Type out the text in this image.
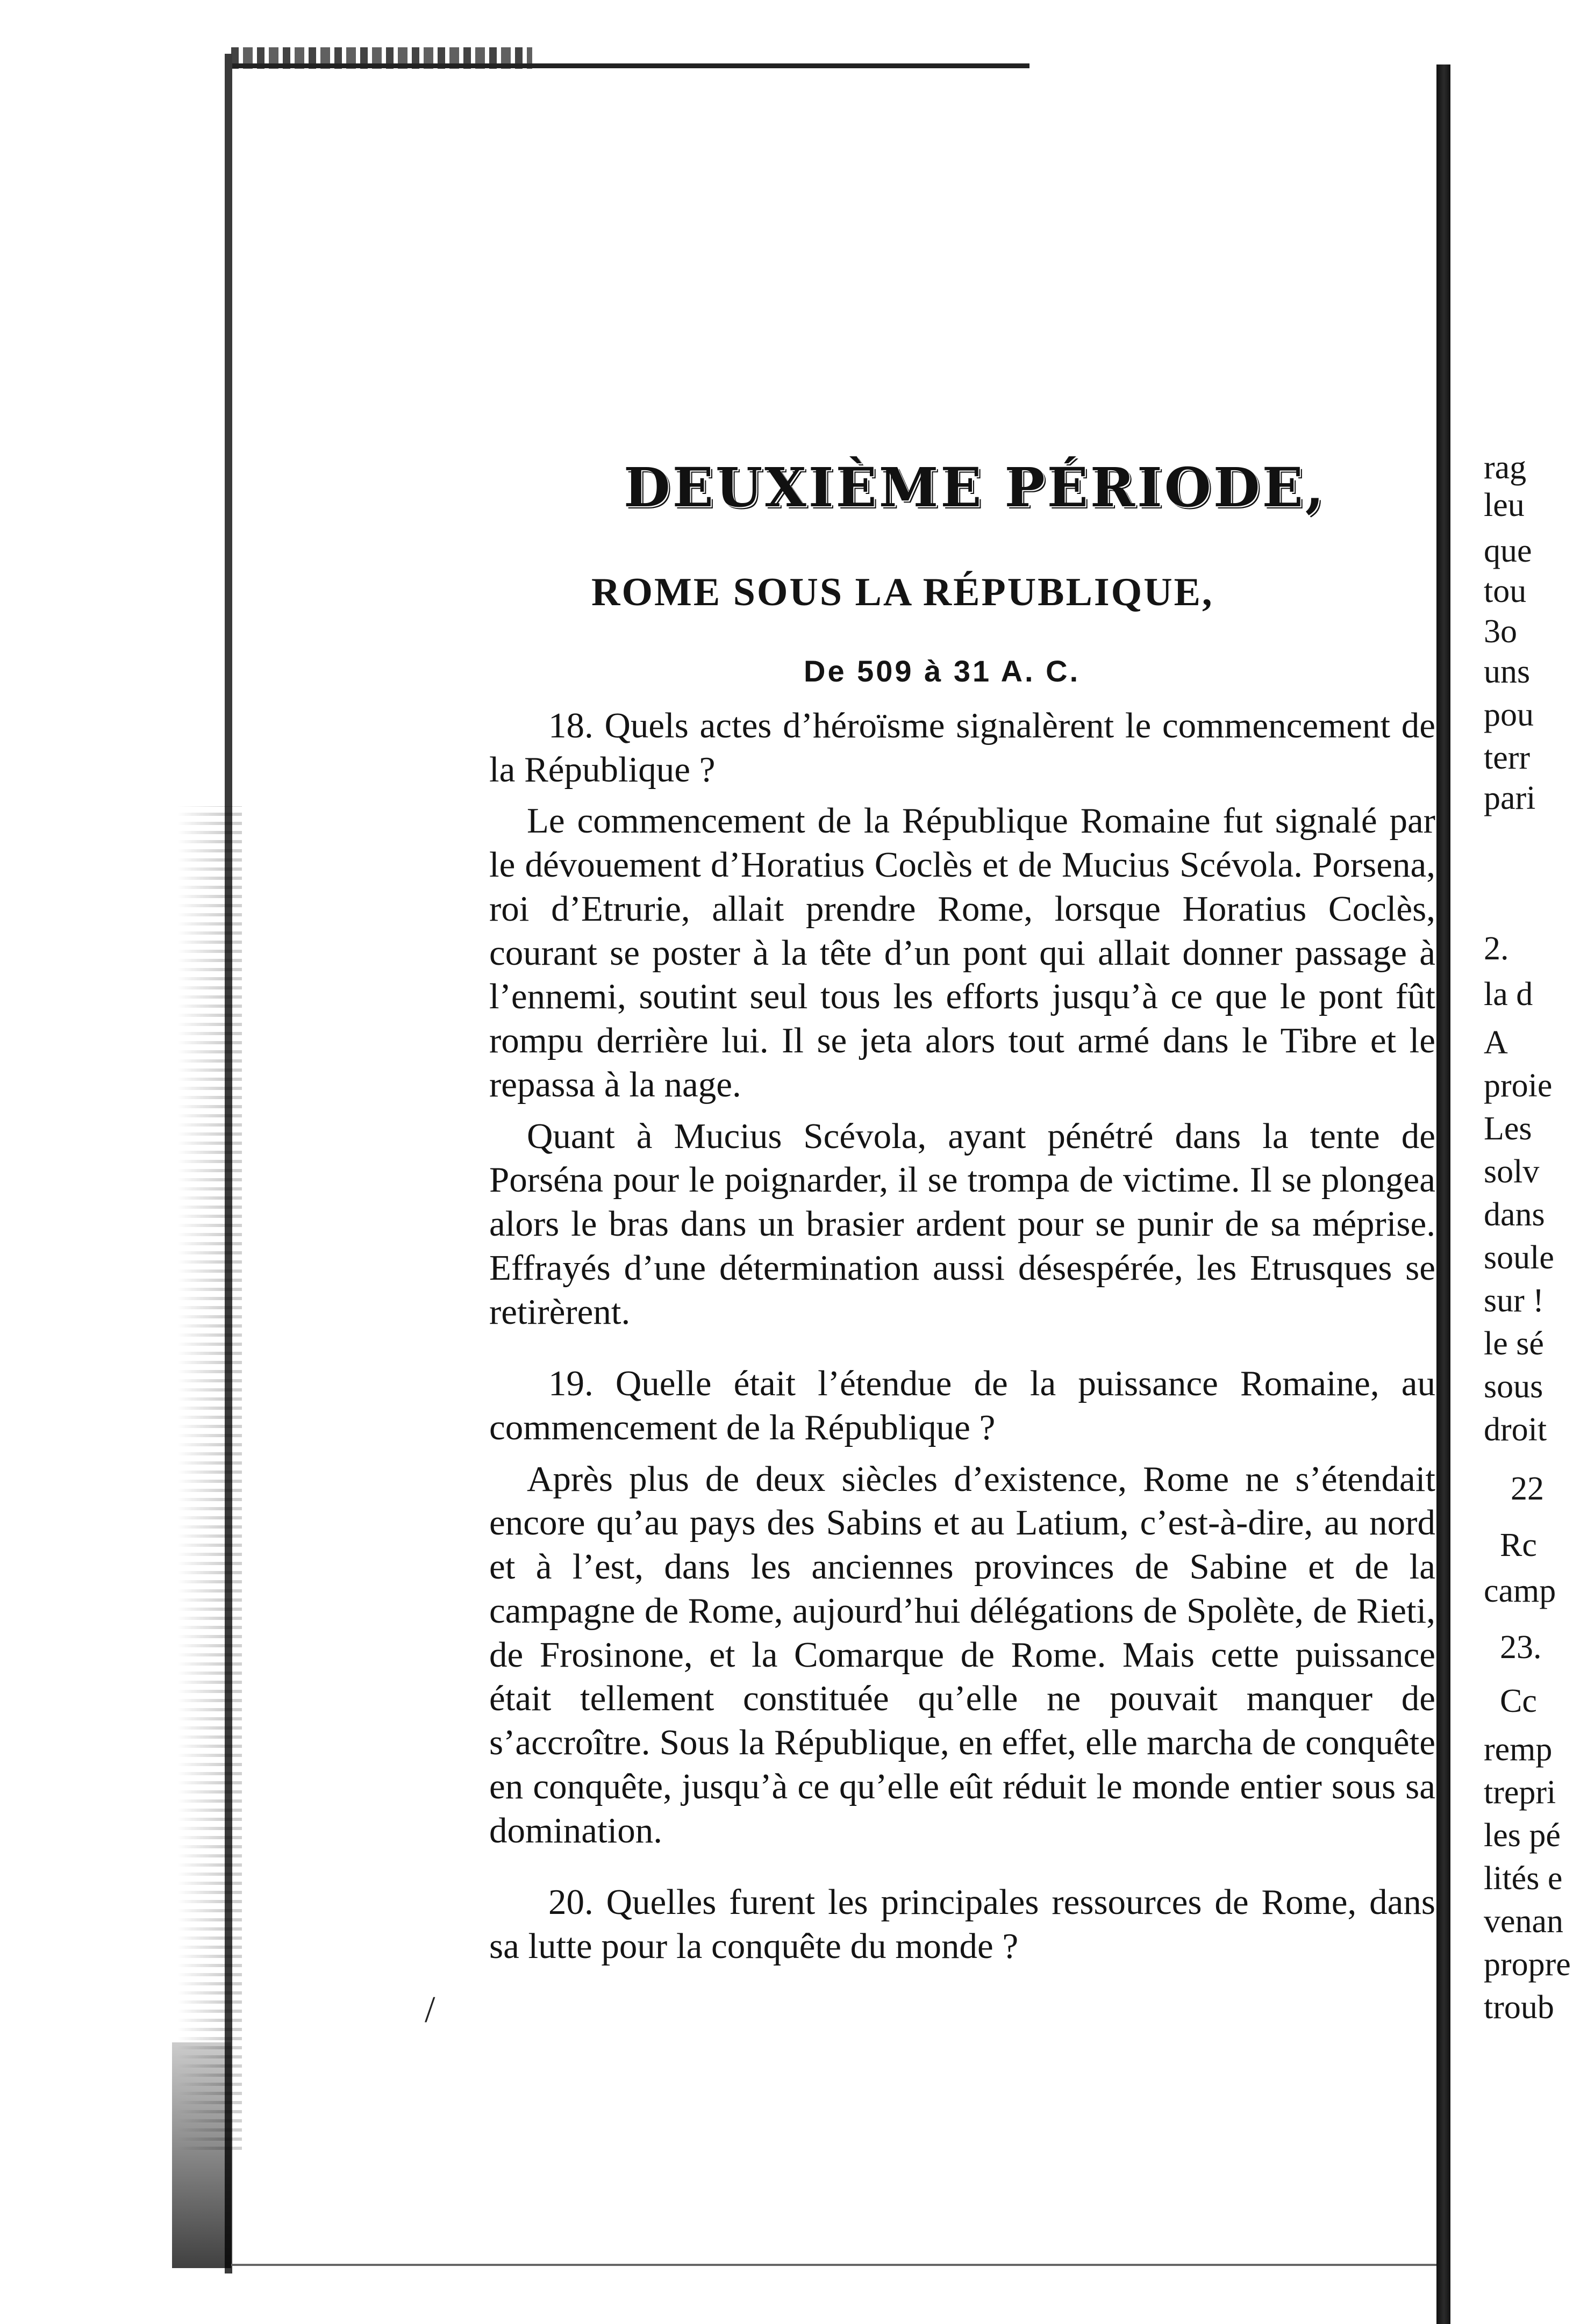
DEUXIÈME PÉRIODE,
ROME SOUS LA RÉPUBLIQUE,
De 509 à 31 A. C.

18. Quels actes d’héroïsme signalèrent le commencement de la République ?

Le commencement de la République Romaine fut signalé par le dévouement d’Horatius Coclès et de Mucius Scévola. Porsena, roi d’Etrurie, allait prendre Rome, lorsque Horatius Coclès, courant se poster à la tête d’un pont qui allait donner passage à l’ennemi, soutint seul tous les efforts jusqu’à ce que le pont fût rompu derrière lui. Il se jeta alors tout armé dans le Tibre et le repassa à la nage.

Quant à Mucius Scévola, ayant pénétré dans la tente de Porséna pour le poignarder, il se trompa de victime. Il se plongea alors le bras dans un brasier ardent pour se punir de sa méprise. Effrayés d’une détermination aussi désespérée, les Etrusques se retirèrent.

19. Quelle était l’étendue de la puissance Romaine, au commencement de la République ?

Après plus de deux siècles d’existence, Rome ne s’étendait encore qu’au pays des Sabins et au Latium, c’est-à-dire, au nord et à l’est, dans les anciennes provinces de Sabine et de la campagne de Rome, aujourd’hui délégations de Spolète, de Rieti, de Frosinone, et la Comarque de Rome. Mais cette puissance était tellement constituée qu’elle ne pouvait manquer de s’accroître. Sous la République, en effet, elle marcha de conquête en conquête, jusqu’à ce qu’elle eût réduit le monde entier sous sa domination.

20. Quelles furent les principales ressources de Rome, dans sa lutte pour la conquête du monde ?

/
rag
leu
que
tou
3o
uns
pou
terr
pari
2.
la d
A
proie
Les
solv
dans
soule
sur !
le sé
sous
droit
22
Rc
camp
23.
Cc
remp
trepri
les pé
lités e
venan
propre
troub
